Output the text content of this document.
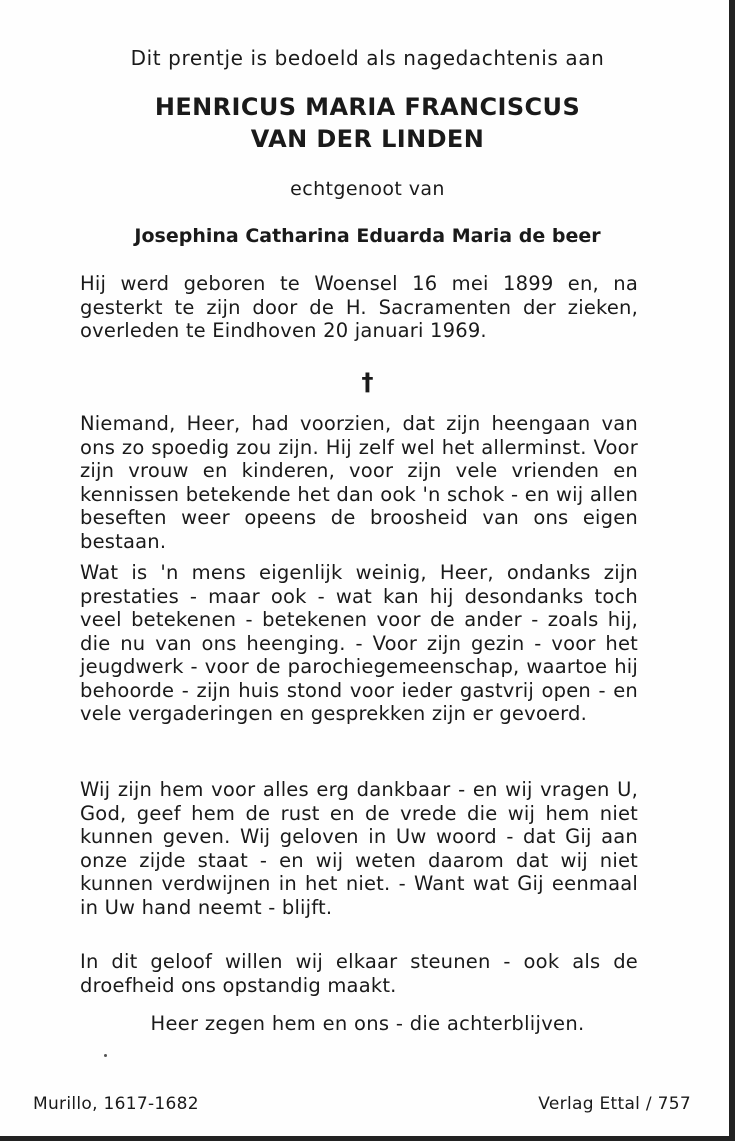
Dit prentje is bedoeld als nagedachtenis aan
HENRICUS MARIA FRANCISCUS
VAN DER LINDEN
echtgenoot van
Josephina Catharina Eduarda Maria de beer
Hij werd geboren te Woensel 16 mei 1899 en, na gesterkt te zijn door de H. Sacramenten der zieken, overleden te Eindhoven 20 januari 1969.
†
Niemand, Heer, had voorzien, dat zijn heengaan van ons zo spoedig zou zijn. Hij zelf wel het allerminst. Voor zijn vrouw en kinderen, voor zijn vele vrienden en kennissen betekende het dan ook 'n schok - en wij allen beseften weer opeens de broosheid van ons eigen bestaan.
Wat is 'n mens eigenlijk weinig, Heer, ondanks zijn prestaties - maar ook - wat kan hij desondanks toch veel betekenen - betekenen voor de ander - zoals hij, die nu van ons heenging. - Voor zijn gezin - voor het jeugdwerk - voor de parochiegemeenschap, waartoe hij behoorde - zijn huis stond voor ieder gastvrij open - en vele vergaderingen en gesprekken zijn er gevoerd.
Wij zijn hem voor alles erg dankbaar - en wij vragen U, God, geef hem de rust en de vrede die wij hem niet kunnen geven. Wij geloven in Uw woord - dat Gij aan onze zijde staat - en wij weten daarom dat wij niet kunnen verdwijnen in het niet. - Want wat Gij eenmaal in Uw hand neemt - blijft.
In dit geloof willen wij elkaar steunen - ook als de droefheid ons opstandig maakt.
Heer zegen hem en ons - die achterblijven.
Murillo, 1617-1682	Verlag Ettal / 757
